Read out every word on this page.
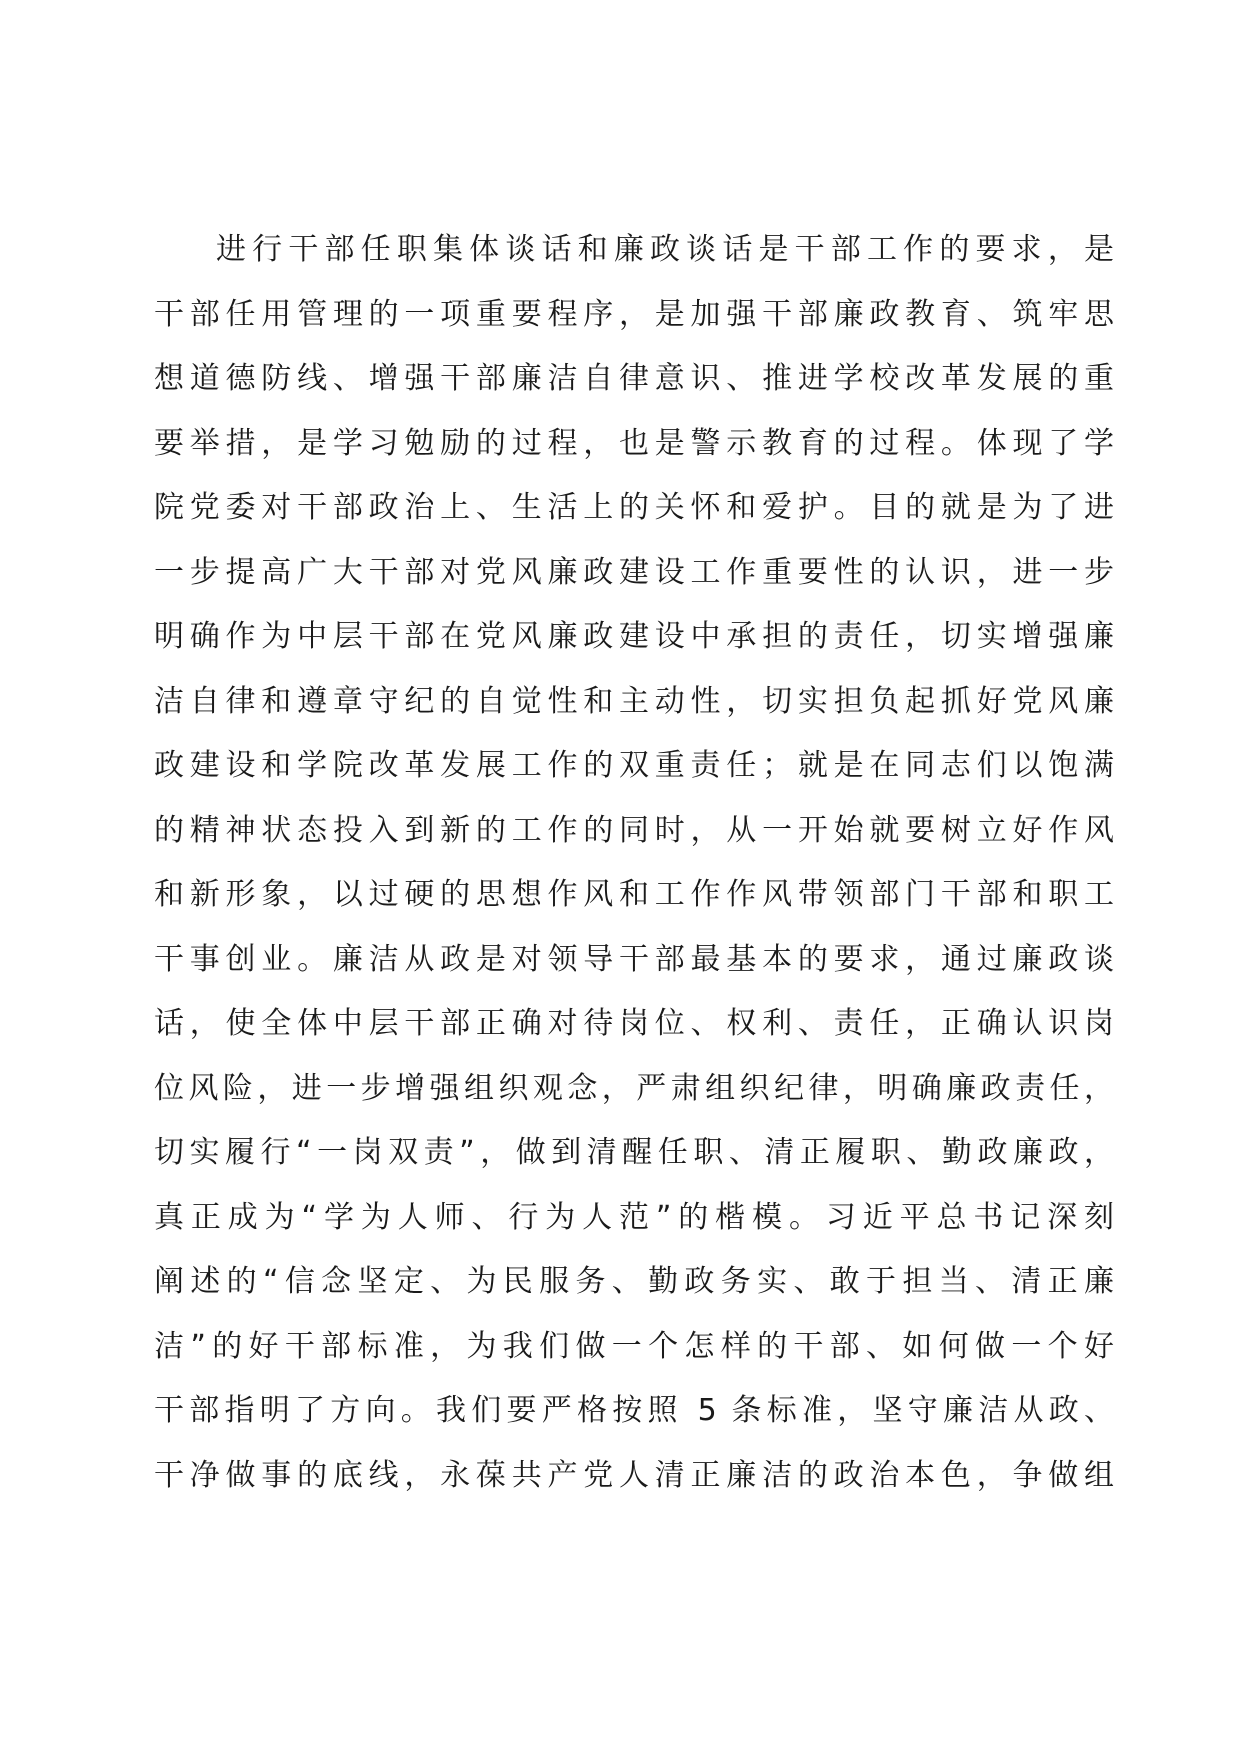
进行干部任职集体谈话和廉政谈话是干部工作的要求，是
干部任用管理的一项重要程序，是加强干部廉政教育、筑牢思
想道德防线、增强干部廉洁自律意识、推进学校改革发展的重
要举措，是学习勉励的过程，也是警示教育的过程。体现了学
院党委对干部政治上、生活上的关怀和爱护。目的就是为了进
一步提高广大干部对党风廉政建设工作重要性的认识，进一步
明确作为中层干部在党风廉政建设中承担的责任，切实增强廉
洁自律和遵章守纪的自觉性和主动性，切实担负起抓好党风廉
政建设和学院改革发展工作的双重责任；就是在同志们以饱满
的精神状态投入到新的工作的同时，从一开始就要树立好作风
和新形象，以过硬的思想作风和工作作风带领部门干部和职工
干事创业。廉洁从政是对领导干部最基本的要求，通过廉政谈
话，使全体中层干部正确对待岗位、权利、责任，正确认识岗
位风险，进一步增强组织观念，严肃组织纪律，明确廉政责任，
切实履行“一岗双责”，做到清醒任职、清正履职、勤政廉政，
真正成为“学为人师、行为人范”的楷模。习近平总书记深刻
阐述的“信念坚定、为民服务、勤政务实、敢于担当、清正廉
洁”的好干部标准，为我们做一个怎样的干部、如何做一个好
干部指明了方向。我们要严格按照 5 条标准，坚守廉洁从政、
干净做事的底线，永葆共产党人清正廉洁的政治本色，争做组
